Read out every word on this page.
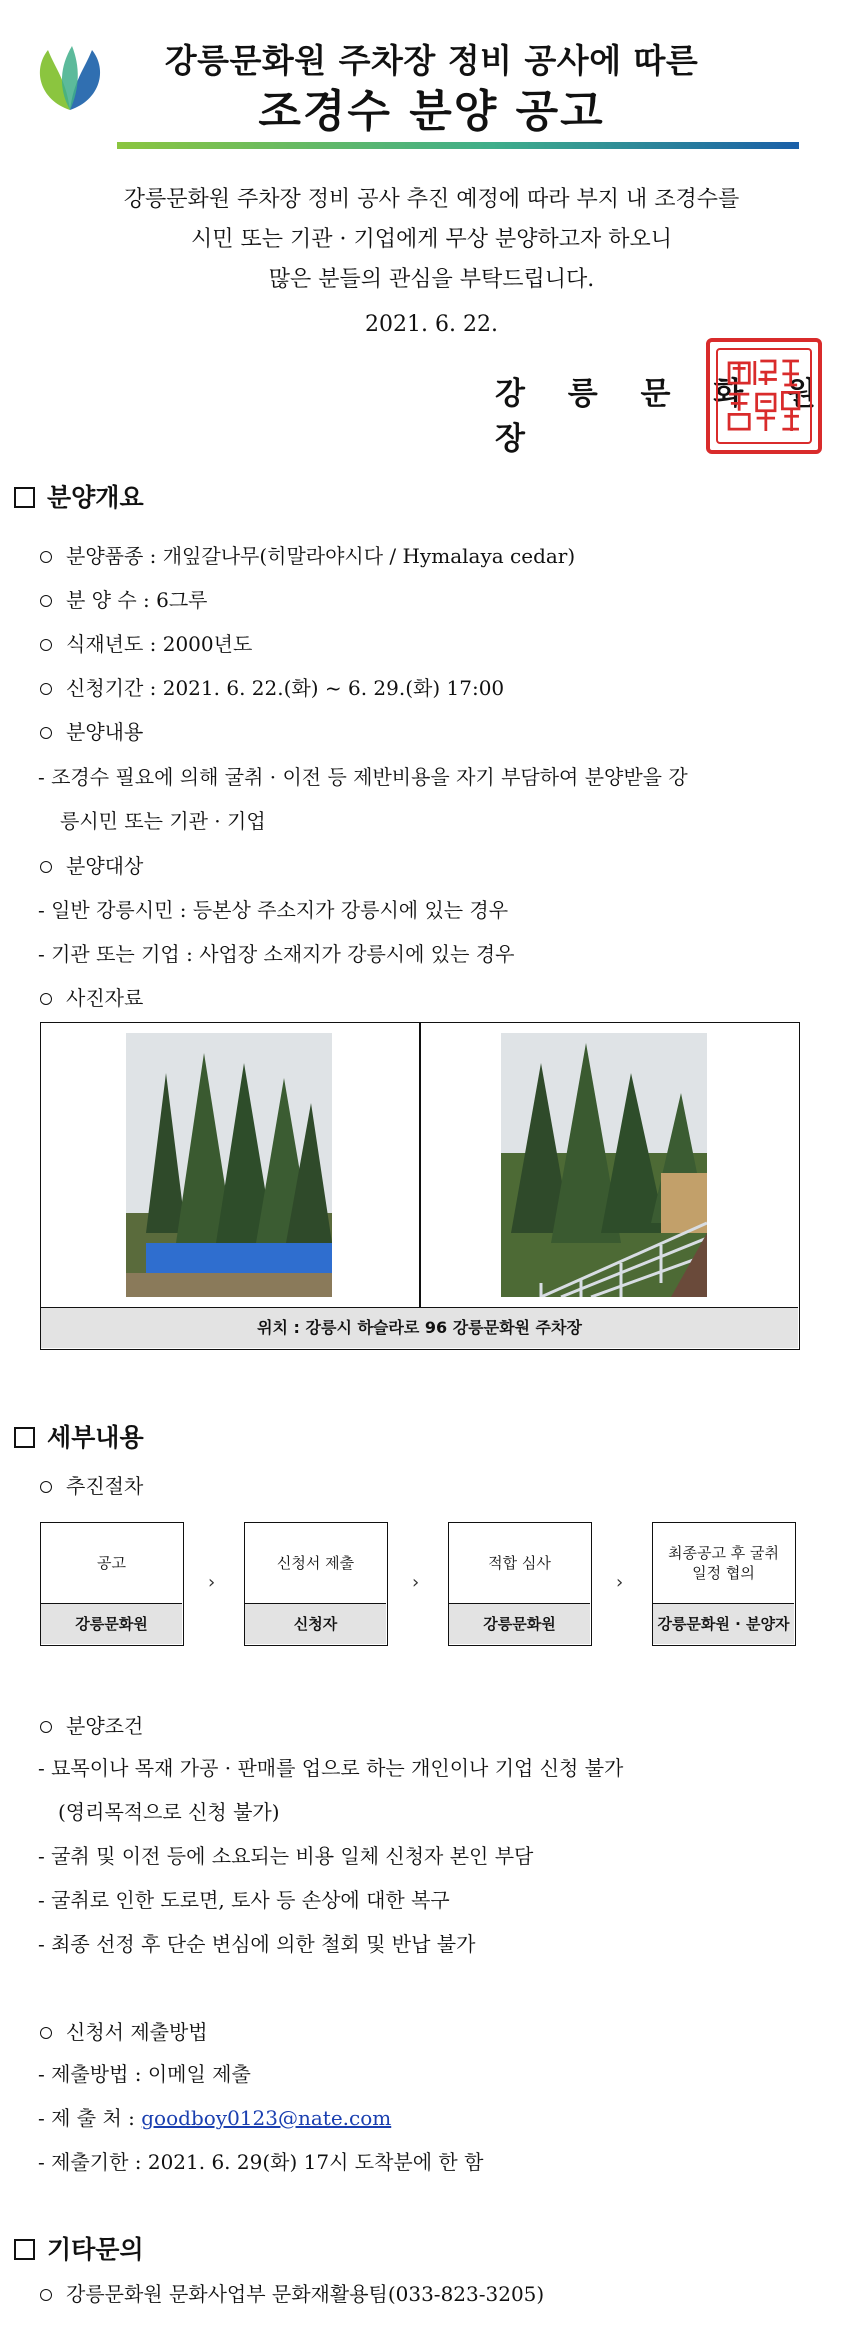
강릉문화원 주차장 정비 공사에 따른
조경수 분양 공고
강릉문화원 주차장 정비 공사 추진 예정에 따라 부지 내 조경수를
시민 또는 기관 · 기업에게 무상 분양하고자 하오니
많은 분들의 관심을 부탁드립니다.
2021. 6. 22.
강 릉 문 화 원 장
분양개요
분양품종 : 개잎갈나무(히말라야시다 / Hymalaya cedar)
분 양 수 : 6그루
식재년도 : 2000년도
신청기간 : 2021. 6. 22.(화) ~ 6. 29.(화) 17:00
분양내용
- 조경수 필요에 의해 굴취 · 이전 등 제반비용을 자기 부담하여 분양받을 강
릉시민 또는 기관 · 기업
분양대상
- 일반 강릉시민 : 등본상 주소지가 강릉시에 있는 경우
- 기관 또는 기업 : 사업장 소재지가 강릉시에 있는 경우
사진자료
위치 : 강릉시 하슬라로 96 강릉문화원 주차장
세부내용
추진절차
공고
강릉문화원
›
신청서 제출
신청자
›
적합 심사
강릉문화원
›
최종공고 후 굴취 일정 협의
강릉문화원 · 분양자
분양조건
- 묘목이나 목재 가공 · 판매를 업으로 하는 개인이나 기업 신청 불가
(영리목적으로 신청 불가)
- 굴취 및 이전 등에 소요되는 비용 일체 신청자 본인 부담
- 굴취로 인한 도로면, 토사 등 손상에 대한 복구
- 최종 선정 후 단순 변심에 의한 철회 및 반납 불가
신청서 제출방법
- 제출방법 : 이메일 제출
- 제 출 처 : goodboy0123@nate.com
- 제출기한 : 2021. 6. 29(화) 17시 도착분에 한 함
기타문의
강릉문화원 문화사업부 문화재활용팀(033-823-3205)
